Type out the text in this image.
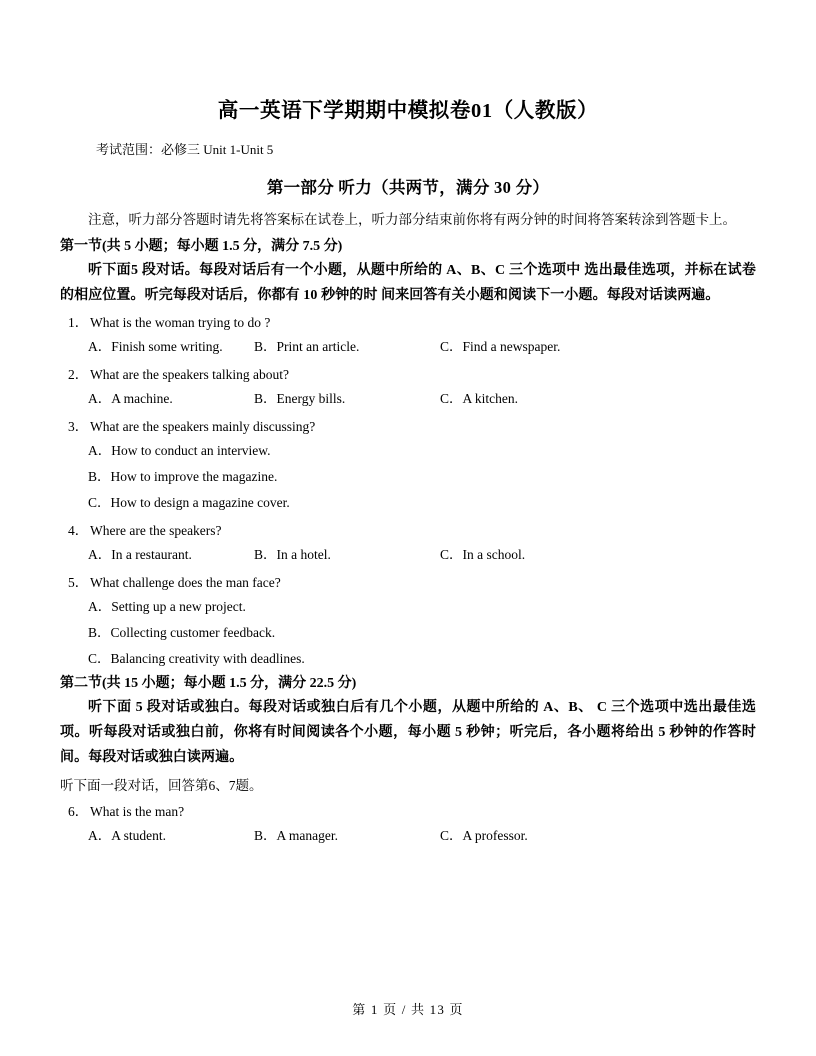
高一英语下学期期中模拟卷01（人教版）

考试范围：必修三 Unit 1-Unit 5

第一部分 听力（共两节，满分 30 分）

注意，听力部分答题时请先将答案标在试卷上，听力部分结束前你将有两分钟的时间将答案转涂到答题卡上。

第一节(共 5 小题；每小题 1.5 分，满分 7.5 分)

听下面5 段对话。每段对话后有一个小题，从题中所给的 A、B、C 三个选项中 选出最佳选项，并标在试卷的相应位置。听完每段对话后，你都有 10 秒钟的时 间来回答有关小题和阅读下一小题。每段对话读两遍。

1． What is the woman trying to do ?
A．Finish some writing. B．Print an article.	C．Find a newspaper.
2． What are the speakers talking about?
A．A machine.	B．Energy bills.	C．A kitchen.
3． What are the speakers mainly discussing?
A．How to conduct an interview.
B．How to improve the magazine.
C．How to design a magazine cover.
4． Where are the speakers?
A．In a restaurant.	B．In a hotel.	C．In a school.
5． What challenge does the man face?
A．Setting up a new project.
B．Collecting customer feedback.
C．Balancing creativity with deadlines.

第二节(共 15 小题；每小题 1.5 分，满分 22.5 分)

听下面 5 段对话或独白。每段对话或独白后有几个小题，从题中所给的 A、B、 C 三个选项中选出最佳选项。听每段对话或独白前，你将有时间阅读各个小题，每小题 5 秒钟；听完后，各小题将给出 5 秒钟的作答时间。每段对话或独白读两遍。

听下面一段对话，回答第6、7题。

6． What is the man?
A．A student.	B．A manager.	C．A professor.
第 1 页 / 共 13 页
